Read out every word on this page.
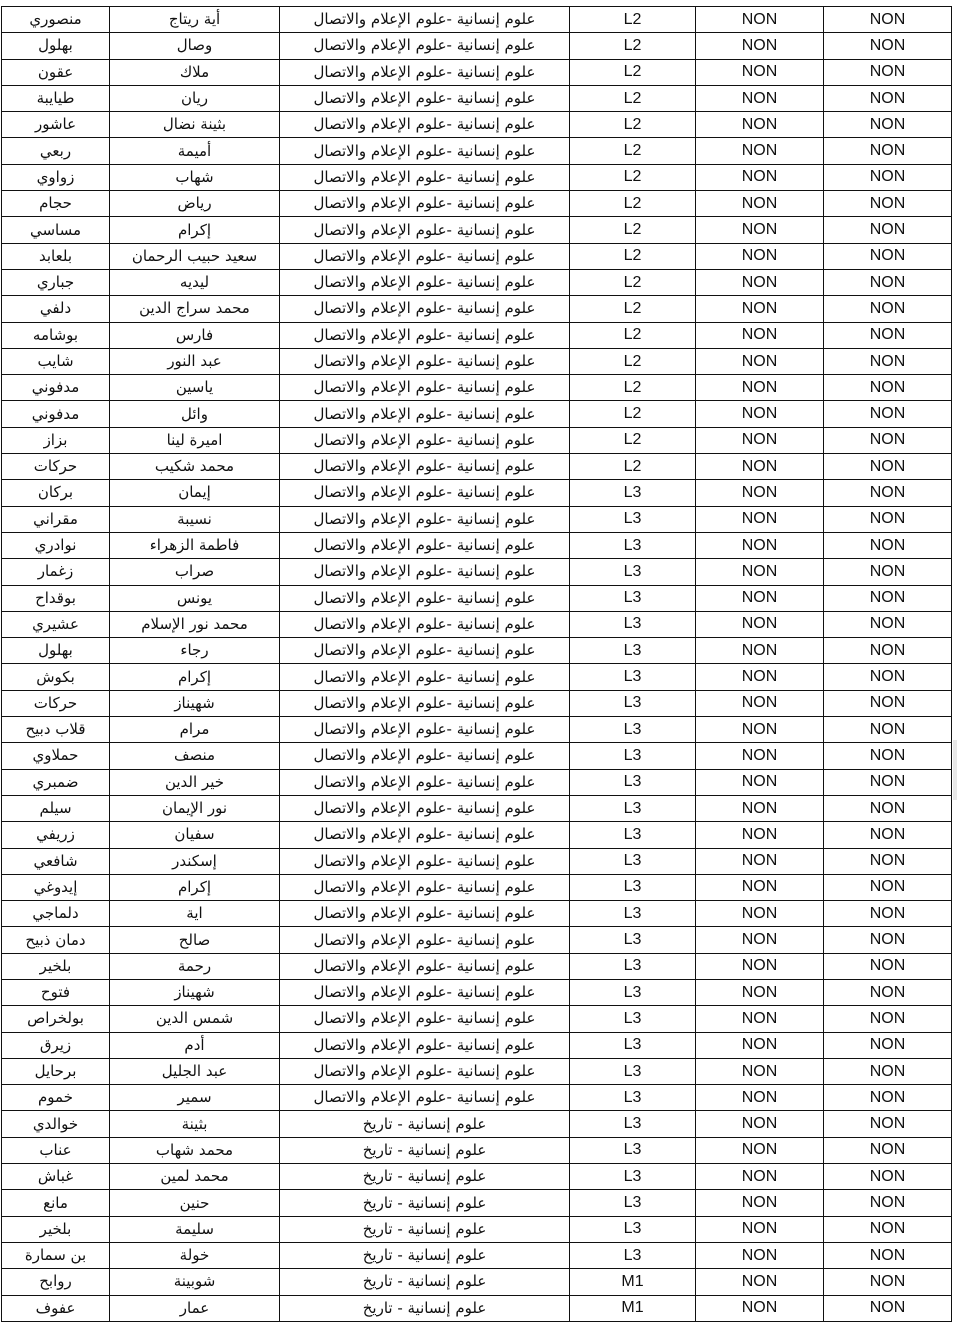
منصوري	أية ريتاج	علوم إنسانية -علوم الإعلام والاتصال	L2	NON	NON
بهلول	وصال	علوم إنسانية -علوم الإعلام والاتصال	L2	NON	NON
عقون	ملاك	علوم إنسانية -علوم الإعلام والاتصال	L2	NON	NON
طيايبة	ريان	علوم إنسانية -علوم الإعلام والاتصال	L2	NON	NON
عاشور	بثينة نضال	علوم إنسانية -علوم الإعلام والاتصال	L2	NON	NON
ربعي	أميمة	علوم إنسانية -علوم الإعلام والاتصال	L2	NON	NON
زواوي	شهاب	علوم إنسانية -علوم الإعلام والاتصال	L2	NON	NON
حجام	رياض	علوم إنسانية -علوم الإعلام والاتصال	L2	NON	NON
مساسي	إكرام	علوم إنسانية -علوم الإعلام والاتصال	L2	NON	NON
بلعابد	سعيد حبيب الرحمان	علوم إنسانية -علوم الإعلام والاتصال	L2	NON	NON
جباري	ليديه	علوم إنسانية -علوم الإعلام والاتصال	L2	NON	NON
دلفي	محمد سراج الدين	علوم إنسانية -علوم الإعلام والاتصال	L2	NON	NON
بوشامه	فارس	علوم إنسانية -علوم الإعلام والاتصال	L2	NON	NON
شايب	عبد النور	علوم إنسانية -علوم الإعلام والاتصال	L2	NON	NON
مدفوني	ياسين	علوم إنسانية -علوم الإعلام والاتصال	L2	NON	NON
مدفوني	وائل	علوم إنسانية -علوم الإعلام والاتصال	L2	NON	NON
بزاز	اميرة لينا	علوم إنسانية -علوم الإعلام والاتصال	L2	NON	NON
حركات	محمد شكيب	علوم إنسانية -علوم الإعلام والاتصال	L2	NON	NON
بركان	إيمان	علوم إنسانية -علوم الإعلام والاتصال	L3	NON	NON
مقراني	نسيبة	علوم إنسانية -علوم الإعلام والاتصال	L3	NON	NON
نوادري	فاطمة الزهراء	علوم إنسانية -علوم الإعلام والاتصال	L3	NON	NON
زغمار	صراب	علوم إنسانية -علوم الإعلام والاتصال	L3	NON	NON
بوقداح	يونس	علوم إنسانية -علوم الإعلام والاتصال	L3	NON	NON
عشيري	محمد نور الإسلام	علوم إنسانية -علوم الإعلام والاتصال	L3	NON	NON
بهلول	رجاء	علوم إنسانية -علوم الإعلام والاتصال	L3	NON	NON
بكوش	إكرام	علوم إنسانية -علوم الإعلام والاتصال	L3	NON	NON
حركات	شهيناز	علوم إنسانية -علوم الإعلام والاتصال	L3	NON	NON
قلاب دبيح	مرام	علوم إنسانية -علوم الإعلام والاتصال	L3	NON	NON
حملاوي	منصف	علوم إنسانية -علوم الإعلام والاتصال	L3	NON	NON
ضمبري	خير الدين	علوم إنسانية -علوم الإعلام والاتصال	L3	NON	NON
سيلم	نور الإيمان	علوم إنسانية -علوم الإعلام والاتصال	L3	NON	NON
زريفي	سفيان	علوم إنسانية -علوم الإعلام والاتصال	L3	NON	NON
شافعي	إسكندر	علوم إنسانية -علوم الإعلام والاتصال	L3	NON	NON
إيدوغي	إكرام	علوم إنسانية -علوم الإعلام والاتصال	L3	NON	NON
دلماجي	اية	علوم إنسانية -علوم الإعلام والاتصال	L3	NON	NON
دمان ذبيح	صالح	علوم إنسانية -علوم الإعلام والاتصال	L3	NON	NON
بلخير	رحمة	علوم إنسانية -علوم الإعلام والاتصال	L3	NON	NON
فتوح	شهيناز	علوم إنسانية -علوم الإعلام والاتصال	L3	NON	NON
بولخراص	شمس الدين	علوم إنسانية -علوم الإعلام والاتصال	L3	NON	NON
زيرق	أدم	علوم إنسانية -علوم الإعلام والاتصال	L3	NON	NON
برحايل	عبد الجليل	علوم إنسانية -علوم الإعلام والاتصال	L3	NON	NON
خموم	سمير	علوم إنسانية -علوم الإعلام والاتصال	L3	NON	NON
خوالدي	بثينة	علوم إنسانية - تاريخ	L3	NON	NON
عناب	محمد شهاب	علوم إنسانية - تاريخ	L3	NON	NON
غباش	محمد لمين	علوم إنسانية - تاريخ	L3	NON	NON
مانع	حنين	علوم إنسانية - تاريخ	L3	NON	NON
بلخير	سليمة	علوم إنسانية - تاريخ	L3	NON	NON
بن سمارة	خولة	علوم إنسانية - تاريخ	L3	NON	NON
روابح	شوبينة	علوم إنسانية - تاريخ	M1	NON	NON
عفوف	عمار	علوم إنسانية - تاريخ	M1	NON	NON
